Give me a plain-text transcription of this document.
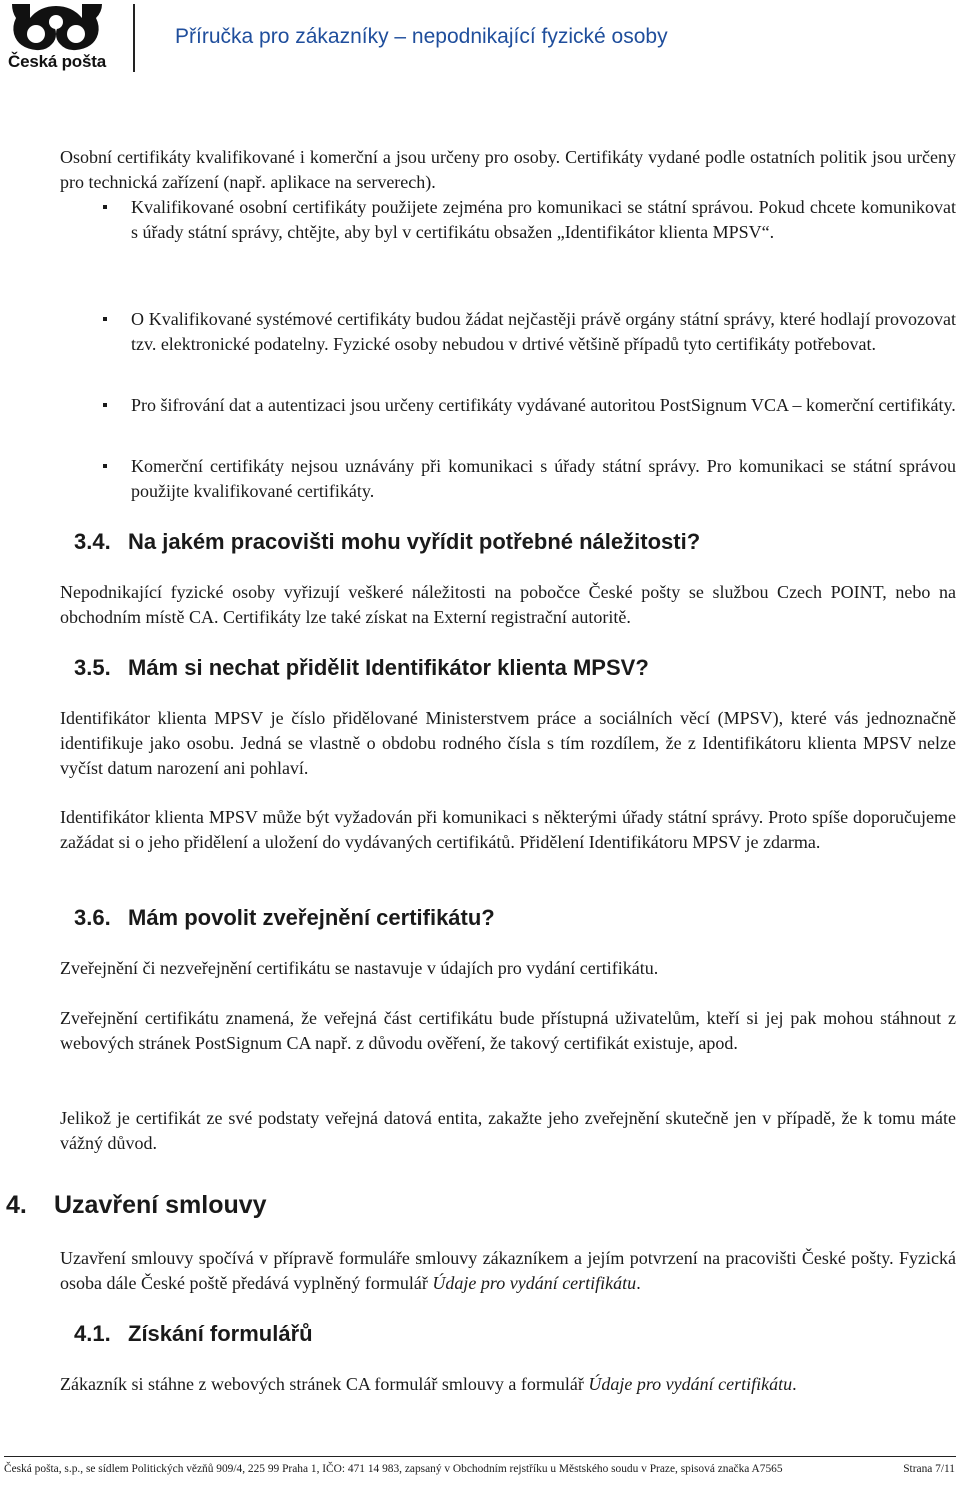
Česká pošta
Příručka pro zákazníky – nepodnikající fyzické osoby

Osobní certifikáty kvalifikované i komerční a jsou určeny pro osoby. Certifikáty vydané podle ostatních politik jsou určeny pro technická zařízení (např. aplikace na serverech).

Kvalifikované osobní certifikáty použijete zejména pro komunikaci se státní správou. Pokud chcete komunikovat s úřady státní správy, chtějte, aby byl v certifikátu obsažen „Identifikátor klienta MPSV“.
O Kvalifikované systémové certifikáty budou žádat nejčastěji právě orgány státní správy, které hodlají provozovat tzv. elektronické podatelny. Fyzické osoby nebudou v drtivé většině případů tyto certifikáty potřebovat.
Pro šifrování dat a autentizaci jsou určeny certifikáty vydávané autoritou PostSignum VCA – komerční certifikáty.
Komerční certifikáty nejsou uznávány při komunikaci s úřady státní správy. Pro komunikaci se státní správou použijte kvalifikované certifikáty.
3.4. Na jakém pracovišti mohu vyřídit potřebné náležitosti?

Nepodnikající fyzické osoby vyřizují veškeré náležitosti na pobočce České pošty se službou Czech POINT, nebo na obchodním místě CA. Certifikáty lze také získat na Externí registrační autoritě.

3.5. Mám si nechat přidělit Identifikátor klienta MPSV?

Identifikátor klienta MPSV je číslo přidělované Ministerstvem práce a sociálních věcí (MPSV), které vás jednoznačně identifikuje jako osobu. Jedná se vlastně o obdobu rodného čísla s tím rozdílem, že z Identifikátoru klienta MPSV nelze vyčíst datum narození ani pohlaví.

Identifikátor klienta MPSV může být vyžadován při komunikaci s některými úřady státní správy. Proto spíše doporučujeme zažádat si o jeho přidělení a uložení do vydávaných certifikátů. Přidělení Identifikátoru MPSV je zdarma.

3.6. Mám povolit zveřejnění certifikátu?

Zveřejnění či nezveřejnění certifikátu se nastavuje v údajích pro vydání certifikátu.

Zveřejnění certifikátu znamená, že veřejná část certifikátu bude přístupná uživatelům, kteří si jej pak mohou stáhnout z webových stránek PostSignum CA např. z důvodu ověření, že takový certifikát existuje, apod.

Jelikož je certifikát ze své podstaty veřejná datová entita, zakažte jeho zveřejnění skutečně jen v případě, že k tomu máte vážný důvod.

4. Uzavření smlouvy

Uzavření smlouvy spočívá v přípravě formuláře smlouvy zákazníkem a jejím potvrzení na pracovišti České pošty. Fyzická osoba dále České poště předává vyplněný formulář Údaje pro vydání certifikátu.

4.1. Získání formulářů

Zákazník si stáhne z webových stránek CA formulář smlouvy a formulář Údaje pro vydání certifikátu.

Česká pošta, s.p., se sídlem Politických vězňů 909/4, 225 99 Praha 1, IČO: 471 14 983, zapsaný v Obchodním rejstříku u Městského soudu v Praze, spisová značka A7565	Strana 7/11
